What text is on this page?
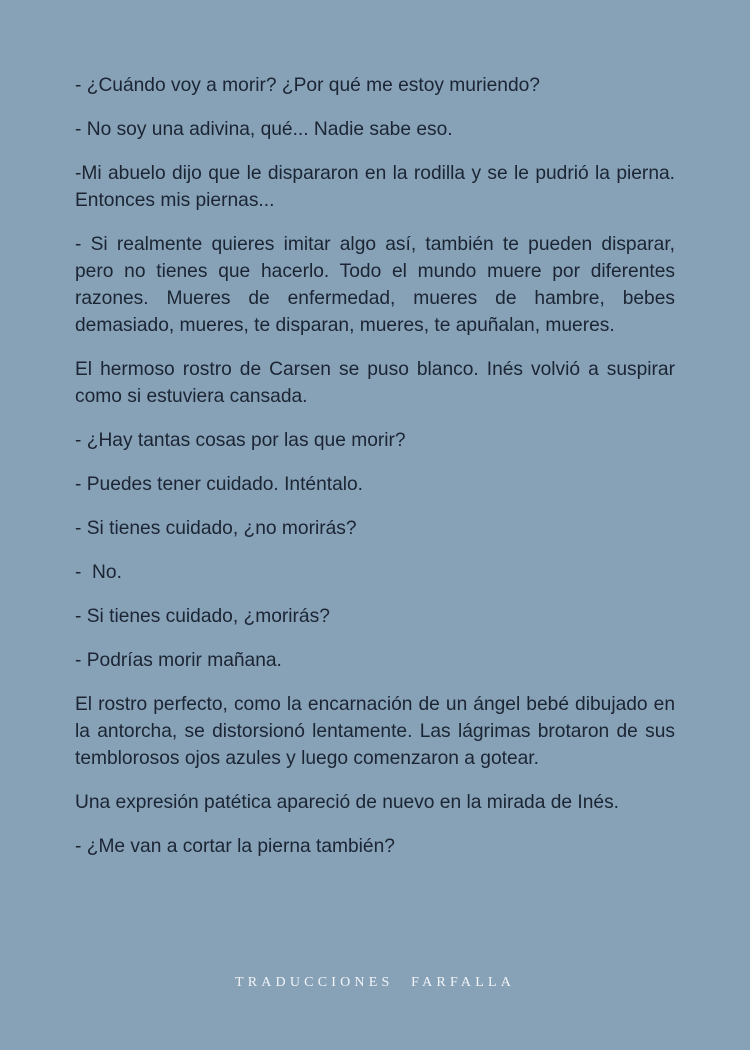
- ¿Cuándo voy a morir? ¿Por qué me estoy muriendo?

- No soy una adivina, qué... Nadie sabe eso.

-Mi abuelo dijo que le dispararon en la rodilla y se le pudrió la pierna. Entonces mis piernas...

- Si realmente quieres imitar algo así, también te pueden disparar, pero no tienes que hacerlo. Todo el mundo muere por diferentes razones. Mueres de enfermedad, mueres de hambre, bebes demasiado, mueres, te disparan, mueres, te apuñalan, mueres.

El hermoso rostro de Carsen se puso blanco. Inés volvió a suspirar como si estuviera cansada.

- ¿Hay tantas cosas por las que morir?

- Puedes tener cuidado. Inténtalo.

- Si tienes cuidado, ¿no morirás?

-  No.

- Si tienes cuidado, ¿morirás?

- Podrías morir mañana.

El rostro perfecto, como la encarnación de un ángel bebé dibujado en la antorcha, se distorsionó lentamente. Las lágrimas brotaron de sus temblorosos ojos azules y luego comenzaron a gotear.

Una expresión patética apareció de nuevo en la mirada de Inés.

- ¿Me van a cortar la pierna también?

TRADUCCIONES FARFALLA
